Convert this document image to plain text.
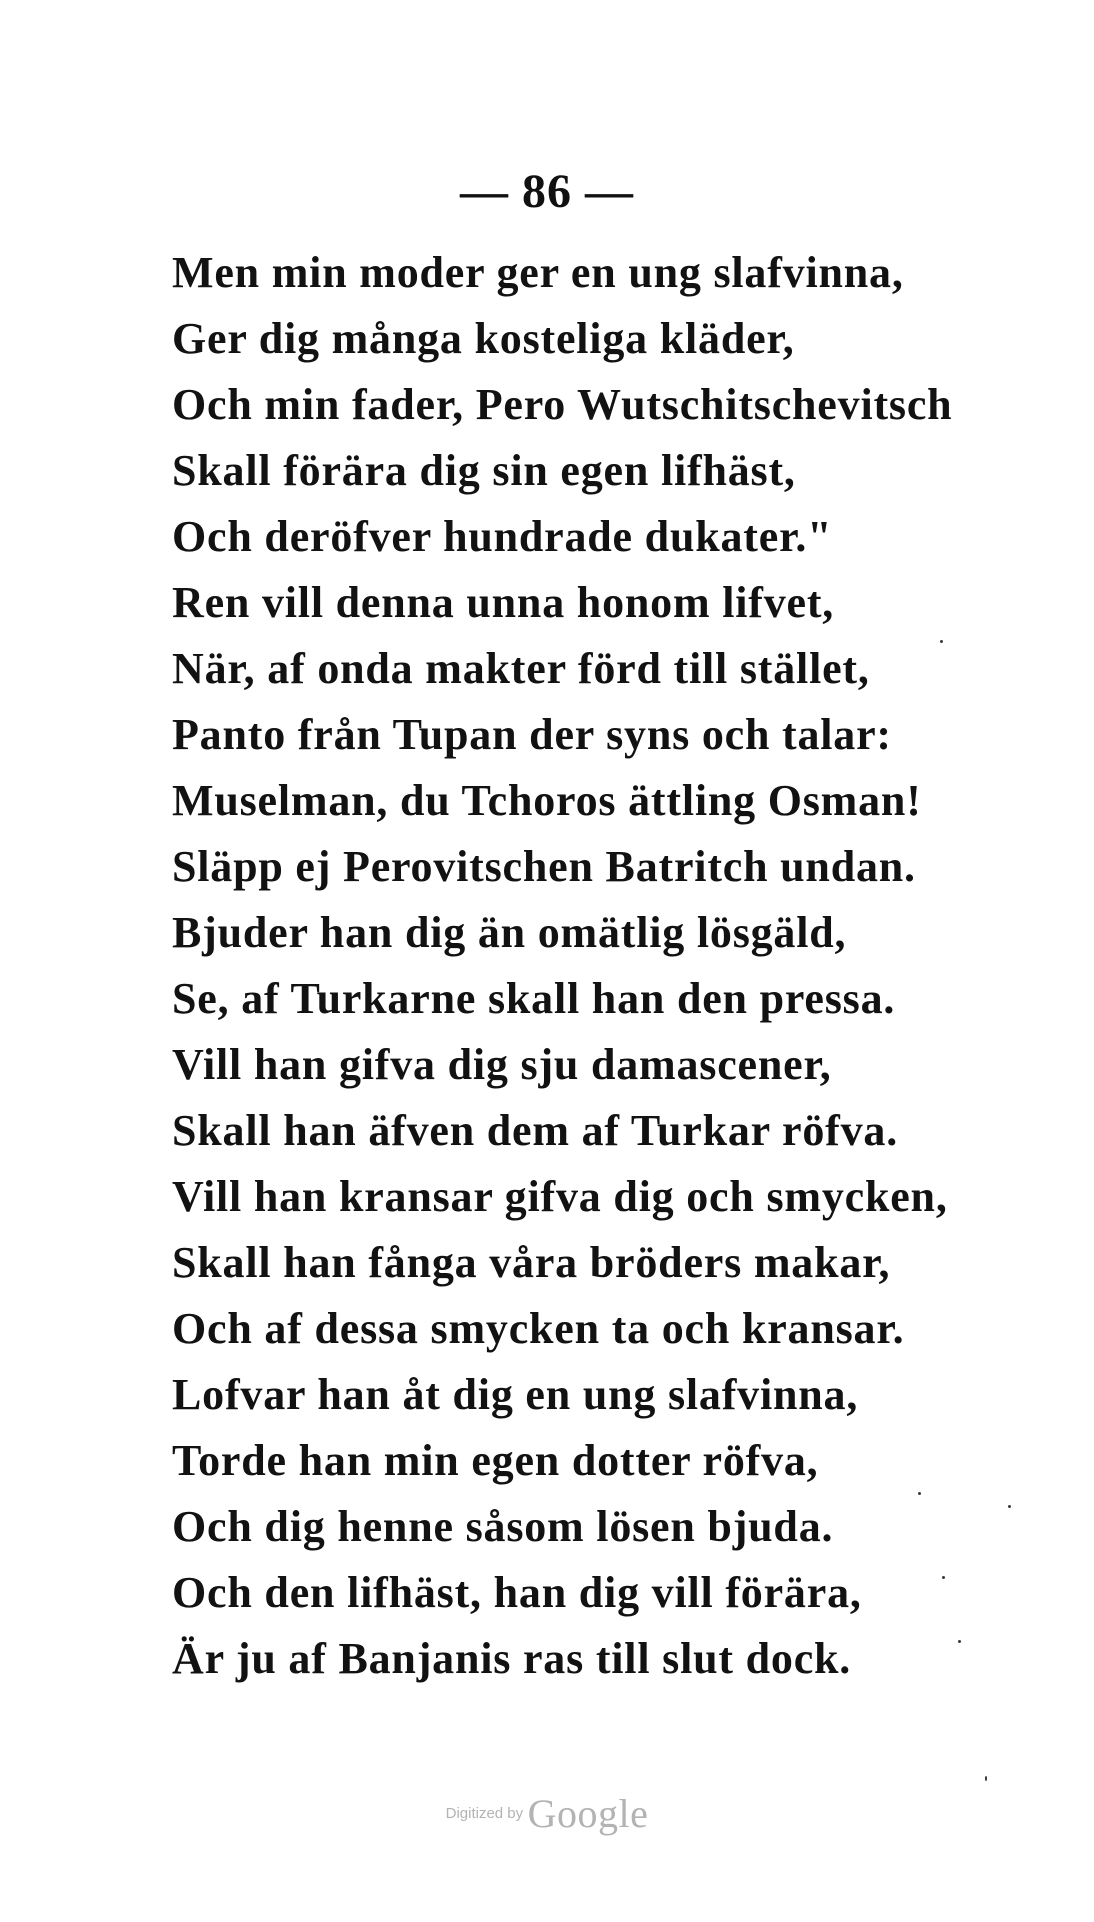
— 86 —
Men min moder ger en ung slafvinna,
Ger dig många kosteliga kläder,
Och min fader, Pero Wutschitschevitsch
Skall förära dig sin egen lifhäst,
Och deröfver hundrade dukater."
Ren vill denna unna honom lifvet,
När, af onda makter förd till stället,
Panto från Tupan der syns och talar:
Muselman, du Tchoros ättling Osman!
Släpp ej Perovitschen Batritch undan.
Bjuder han dig än omätlig lösgäld,
Se, af Turkarne skall han den pressa.
Vill han gifva dig sju damascener,
Skall han äfven dem af Turkar röfva.
Vill han kransar gifva dig och smycken,
Skall han fånga våra bröders makar,
Och af dessa smycken ta och kransar.
Lofvar han åt dig en ung slafvinna,
Torde han min egen dotter röfva,
Och dig henne såsom lösen bjuda.
Och den lifhäst, han dig vill förära,
Är ju af Banjanis ras till slut dock.
Digitized by Google
